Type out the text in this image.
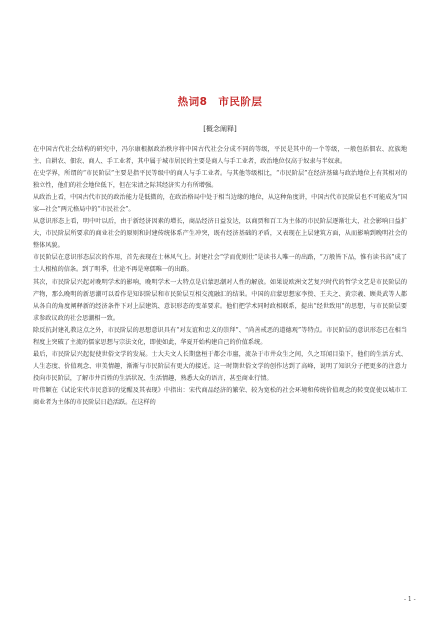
热词8　市民阶层
[概念阐释]

在中国古代社会结构的研究中，冯尔康根据政治秩序将中国古代社会分成不同的等级，平民是其中的一个等级，一般包括佃农、庶族地主、自耕农、佃农、商人、手工业者，其中属于城市居民的主要是商人与手工业者，政治地位仅高于奴隶与半奴隶。

在史学界，所谓的“市民阶层”主要是指平民等级中的商人与手工业者。与其他等级相比，“市民阶层”在经济基础与政治地位上有其相对的独立性，他们的社会地位低下，但在宋清之际其经济实力有所增强。

从政治上看，中国古代市民的政治能力是低微的，在政治格局中处于相当边缘的地位，从这种角度讲，中国古代市民阶层也不可能成为“国家—社会”两元格局中的“市民社会”。

从意识形态上看，明中叶以后，由于新经济因素的增长，商品经济日益发达，以商贾和百工为主体的市民阶层逐渐壮大，社会影响日益扩大，市民阶层所要求的商业社会的原则和封建传统体系产生冲突，既有经济基础的矛盾，又表现在上层建筑方面，从而影响到晚明社会的整体风貌。

市民阶层在意识形态层次的作用，首先表现在士林风气上。封建社会“学而优则仕”是读书人唯一的出路，“万般皆下品，惟有读书高”成了士人根植的信条。到了明季，仕途不再是寒儒唯一的出路。

其次，市民阶层兴起对晚明学术的影响，晚明学术一大特点是启蒙思潮对人性的解放。如果说欧洲文艺复兴时代的哲学文艺是市民阶层的产物，那么晚明的新思潮可以看作是知识阶层和市民阶层互相交流融汇的结果。中国的启蒙思想家李贽、王夫之、黄宗羲、顾炎武等人都从各自的角度阐释新的经济条件下对上层建筑、意识形态的变革要求。他们把学术同时政相联系，提出“经世致用”的思想，与市民阶层要求参政议政的社会思潮相一致。

除反抗封建礼教这点之外，市民阶层的思想意识具有“对友谊和忠义的崇拜”、“尚善戒恶的道德观”等特点。市民阶层的意识形态已在相当程度上突破了主流的儒家思想与宗法文化，即使如此，华夏开始构建自己的价值系统。

最后，市民阶层兴起促使世俗文学的发展。士大夫文人长期盘桓于都会市廛，流杂于市井众生之间，久之耳闻目染下，他们的生活方式、人生态度、价值观念、审美情趣，渐渐与市民阶层有更大的接近。这一时期世俗文学的创作达到了高峰，说明了知识分子把更多的注意力投向市民阶层，了解市井百姓的生活状况、生活情趣，熟悉大众的语言，甚至商业行情。

叶伟颖在《试论宋代市民意识的觉醒及其表现》中指出：宋代商品经济的繁荣、较为宽松的社会环境和传统价值观念的转变促使以城市工商业者为主体的市民阶层日趋活跃。在这样的

- 1 -
